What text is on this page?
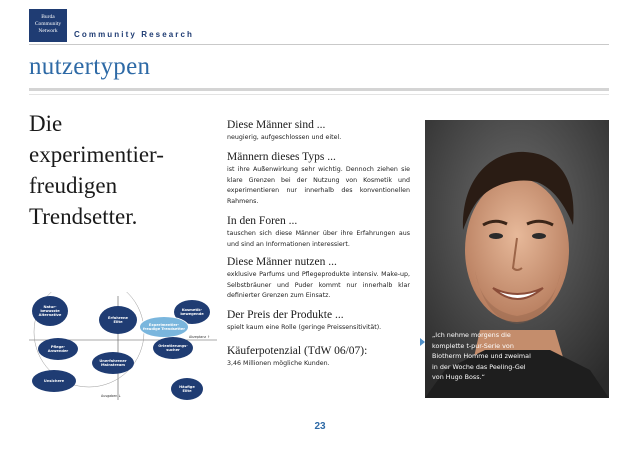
Burda
Community
Network	Community Research
nutzertypen
Die
experimentier-
freudigen
Trendsetter.
Diese Männer sind ...
neugierig, aufgeschlossen und eitel.
Männern dieses Typs ...
ist ihre Außenwirkung sehr wichtig. Dennoch ziehen sie klare Grenzen bei der Nutzung von Kosmetik und experimentieren nur innerhalb des konventionellen Rahmens.
In den Foren ...
tauschen sich diese Männer über ihre Erfahrungen aus und sind an Informationen interessiert.
Diese Männer nutzen ...
exklusive Parfums und Pflegeprodukte intensiv. Make-up, Selbstbräuner und Puder kommt nur innerhalb klar definierter Grenzen zum Einsatz.
Der Preis der Produkte ...
spielt kaum eine Rolle (geringe Preissensitivität).
Käuferpotenzial (TdW 06/07):
3,46 Millionen mögliche Kunden.
„Ich nehme morgens die komplette t-pur-Serie von Biotherm Homme und zweimal in der Woche das Peeling-Gel von Hugo Boss.“
Akzeptanz ↑
Ausgaben ↓
Natur-
bewusste
Alternative
Erfahrene
Elite
Kosmetik-
bewegende
Experimentier-
freudige Trendsetter
Pflege-
Anwender
Orientierungs-
sucher
Unerfahrener
Mainstream
Unsichere
Häufige
Elite
23
